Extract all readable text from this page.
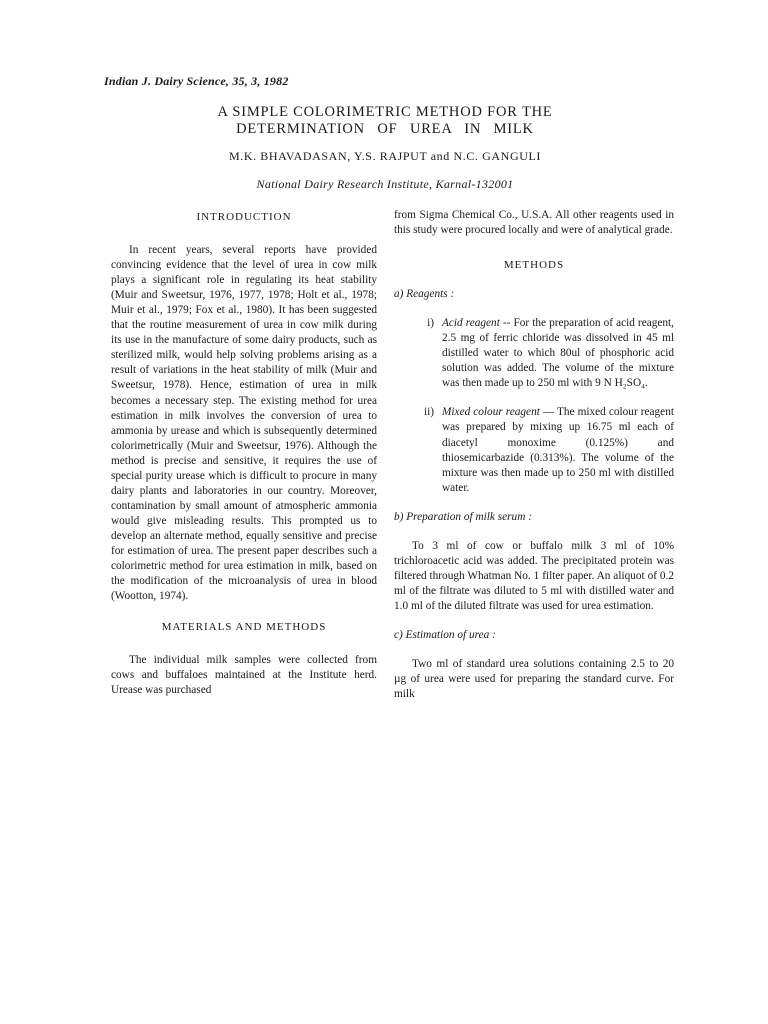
Indian J. Dairy Science, 35, 3, 1982
A SIMPLE COLORIMETRIC METHOD FOR THE
DETERMINATION OF UREA IN MILK
M.K. BHAVADASAN, Y.S. RAJPUT and N.C. GANGULI
National Dairy Research Institute, Karnal-132001

INTRODUCTION

In recent years, several reports have provided convincing evidence that the level of urea in cow milk plays a significant role in regulating its heat stability (Muir and Sweetsur, 1976, 1977, 1978; Holt et al., 1978; Muir et al., 1979; Fox et al., 1980). It has been suggested that the routine measurement of urea in cow milk during its use in the manufacture of some dairy products, such as sterilized milk, would help solving problems arising as a result of variations in the heat stability of milk (Muir and Sweetsur, 1978). Hence, estimation of urea in milk becomes a necessary step. The existing method for urea estimation in milk involves the conversion of urea to ammonia by urease and which is subsequently determined colorimetrically (Muir and Sweetsur, 1976). Although the method is precise and sensitive, it requires the use of special purity urease which is difficult to procure in many dairy plants and laboratories in our country. Moreover, contamination by small amount of atmospheric ammonia would give misleading results. This prompted us to develop an alternate method, equally sensitive and precise for estimation of urea. The present paper describes such a colorimetric method for urea estimation in milk, based on the modification of the microanalysis of urea in blood (Wootton, 1974).

MATERIALS AND METHODS

The individual milk samples were collected from cows and buffaloes maintained at the Institute herd. Urease was purchased

from Sigma Chemical Co., U.S.A. All other reagents used in this study were procured locally and were of analytical grade.

METHODS

a) Reagents :

i) Acid reagent -- For the preparation of acid reagent, 2.5 mg of ferric chloride was dissolved in 45 ml distilled water to which 80ul of phosphoric acid solution was added. The volume of the mixture was then made up to 250 ml with 9 N H₂SO₄.
ii) Mixed colour reagent — The mixed colour reagent was prepared by mixing up 16.75 ml each of diacetyl monoxime (0.125%) and thiosemicarbazide (0.313%). The volume of the mixture was then made up to 250 ml with distilled water.

b) Preparation of milk serum :

To 3 ml of cow or buffalo milk 3 ml of 10% trichloroacetic acid was added. The precipitated protein was filtered through Whatman No. 1 filter paper. An aliquot of 0.2 ml of the filtrate was diluted to 5 ml with distilled water and 1.0 ml of the diluted filtrate was used for urea estimation.

c) Estimation of urea :

Two ml of standard urea solutions containing 2.5 to 20 µg of urea were used for preparing the standard curve. For milk
